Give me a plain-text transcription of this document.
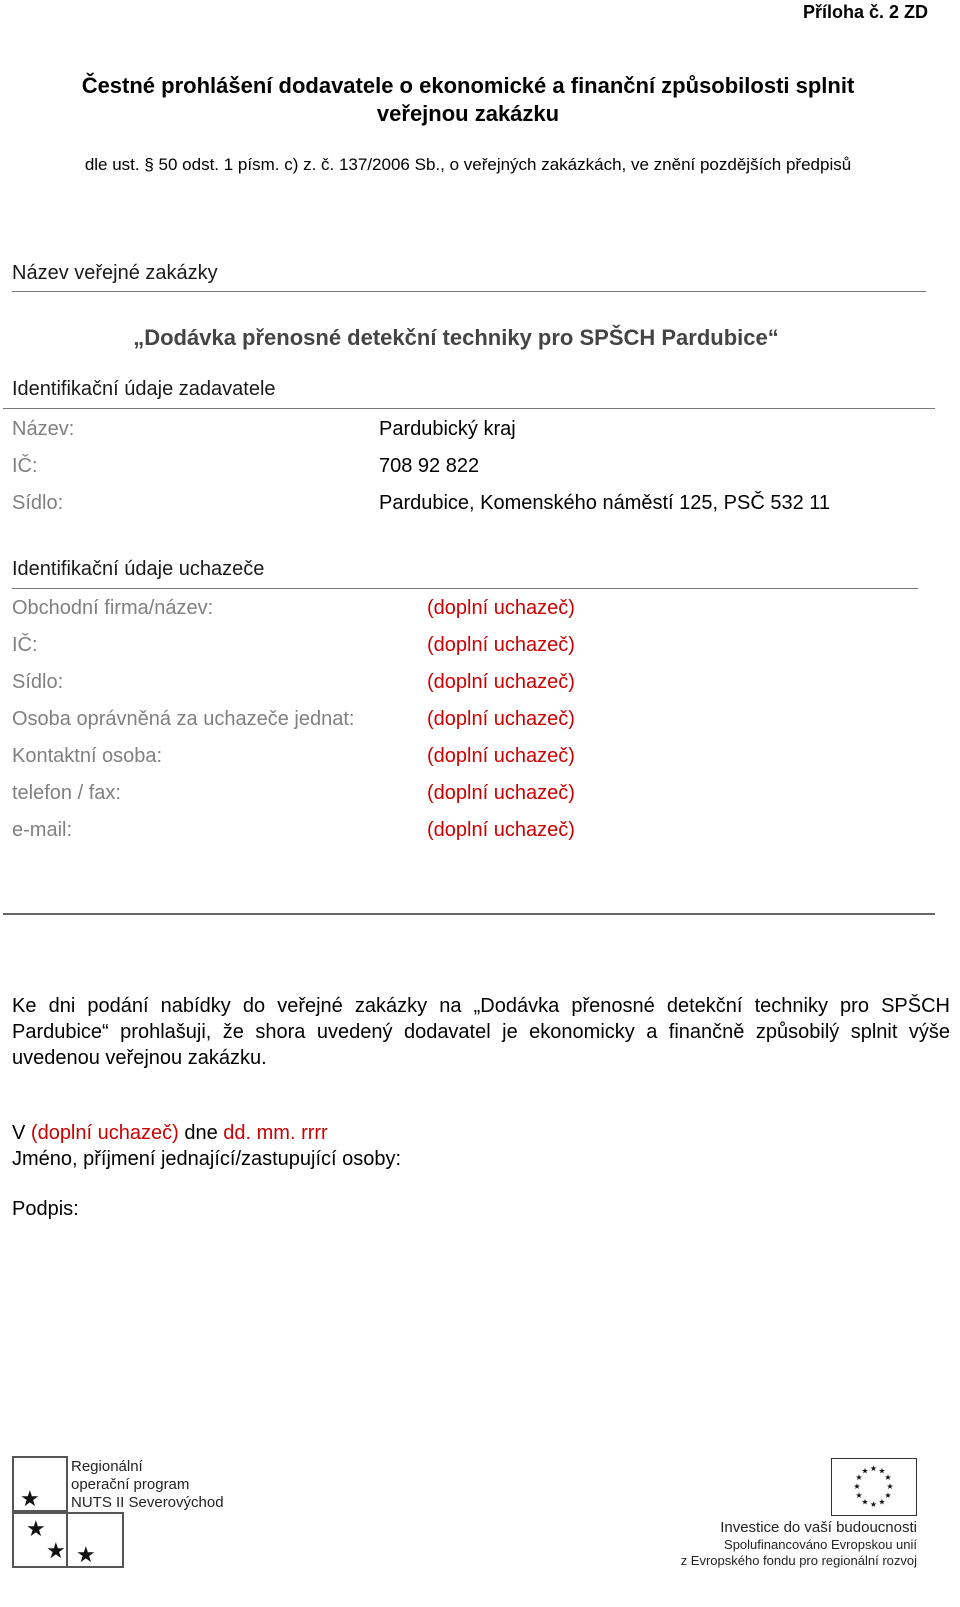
Příloha č. 2 ZD
Čestné prohlášení dodavatele o ekonomické a finanční způsobilosti splnit
veřejnou zakázku
dle ust. § 50 odst. 1 písm. c) z. č. 137/2006 Sb., o veřejných zakázkách, ve znění pozdějších předpisů
Název veřejné zakázky
„Dodávka přenosné detekční techniky pro SPŠCH Pardubice“
Identifikační údaje zadavatele
Název:	Pardubický kraj
IČ:	708 92 822
Sídlo:	Pardubice, Komenského náměstí 125, PSČ 532 11
Identifikační údaje uchazeče
Obchodní firma/název:	(doplní uchazeč)
IČ:	(doplní uchazeč)
Sídlo:	(doplní uchazeč)
Osoba oprávněná za uchazeče jednat:	(doplní uchazeč)
Kontaktní osoba:	(doplní uchazeč)
telefon / fax:	(doplní uchazeč)
e-mail:	(doplní uchazeč)
Ke dni podání nabídky do veřejné zakázky na „Dodávka přenosné detekční techniky pro SPŠCH Pardubice“ prohlašuji, že shora uvedený dodavatel je ekonomicky a finančně způsobilý splnit výše uvedenou veřejnou zakázku.
V (doplní uchazeč) dne dd. mm. rrrr
Jméno, příjmení jednající/zastupující osoby:
Podpis:
★
★
★ ★
Regionální
operační program
NUTS II Severovýchod
★ ★
★
★
★
★
★
★
★
★
★
★
Investice do vaší budoucnosti
Spolufinancováno Evropskou unií
z Evropského fondu pro regionální rozvoj
